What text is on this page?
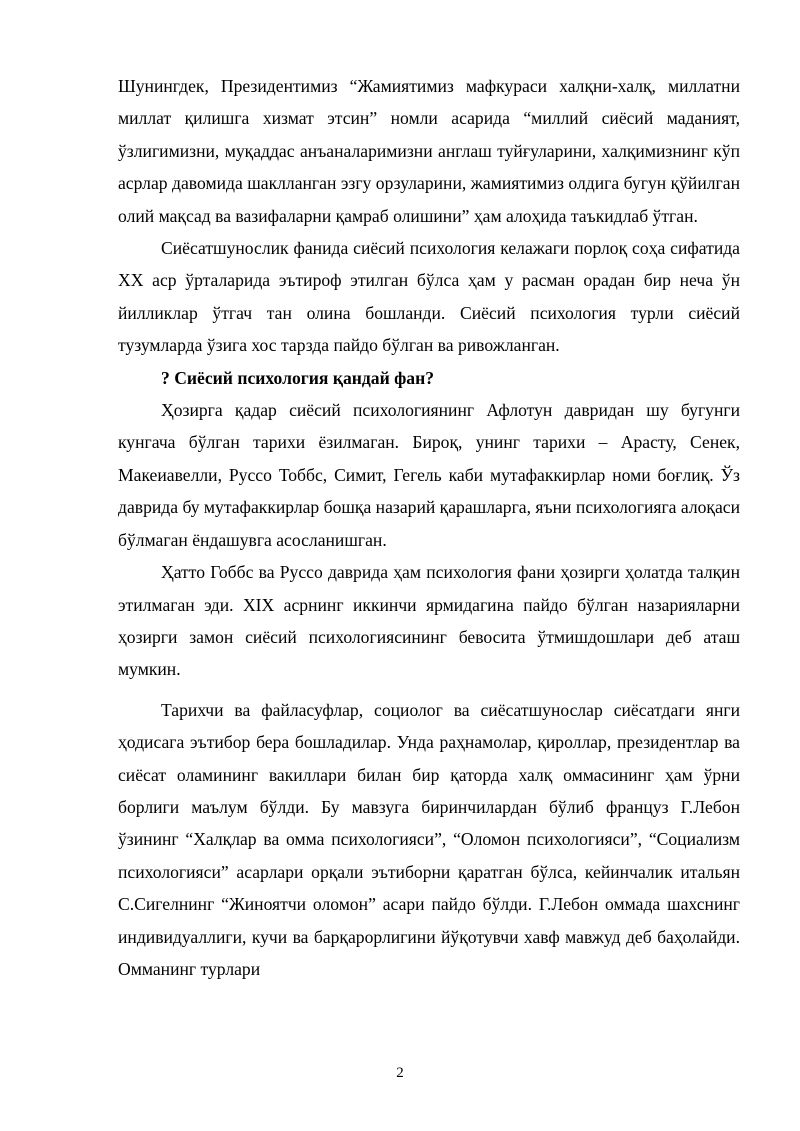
Шунингдек, Президентимиз “Жамиятимиз мафкураси халқни-халқ, миллатни миллат қилишга хизмат этсин” номли асарида “миллий сиёсий маданият, ўзлигимизни, муқаддас анъаналаримизни англаш туйғуларини, халқимизнинг кўп асрлар давомида шаклланган эзгу орзуларини, жамиятимиз олдига бугун қўйилган олий мақсад ва вазифаларни қамраб олишини” ҳам алоҳида таъкидлаб ўтган.

Сиёсатшунослик фанида сиёсий психология келажаги порлоқ соҳа сифатида XX аср ўрталарида эътироф этилган бўлса ҳам у расман орадан бир неча ўн йилликлар ўтгач тан олина бошланди. Сиёсий психология турли сиёсий тузумларда ўзига хос тарзда пайдо бўлган ва ривожланган.

? Сиёсий психология қандай фан?

Ҳозирга қадар сиёсий психологиянинг Афлотун давридан шу бугунги кунгача бўлган тарихи ёзилмаган. Бироқ, унинг тарихи – Арасту, Сенек, Макеиавелли, Руссо Тоббс, Симит, Гегель каби мутафаккирлар номи боғлиқ. Ўз даврида бу мутафаккирлар бошқа назарий қарашларга, яъни психологияга алоқаси бўлмаган ёндашувга асосланишган.

Ҳатто Гоббс ва Руссо даврида ҳам психология фани ҳозирги ҳолатда талқин этилмаган эди. XIX асрнинг иккинчи ярмидагина пайдо бўлган назарияларни ҳозирги замон сиёсий психологиясининг бевосита ўтмишдошлари деб аташ мумкин.

Тарихчи ва файласуфлар, социолог ва сиёсатшунослар сиёсатдаги янги ҳодисага эътибор бера бошладилар. Унда раҳнамолар, қироллар, президентлар ва сиёсат оламининг вакиллари билан бир қаторда халқ оммасининг ҳам ўрни борлиги маълум бўлди. Бу мавзуга биринчилардан бўлиб француз Г.Лебон ўзининг “Халқлар ва омма психологияси”, “Оломон психологияси”, “Социализм психологияси” асарлари орқали эътиборни қаратган бўлса, кейинчалик итальян С.Сигелнинг “Жиноятчи оломон” асари пайдо бўлди. Г.Лебон оммада шахснинг индивидуаллиги, кучи ва барқарорлигини йўқотувчи хавф мавжуд деб баҳолайди. Омманинг турлари

2
